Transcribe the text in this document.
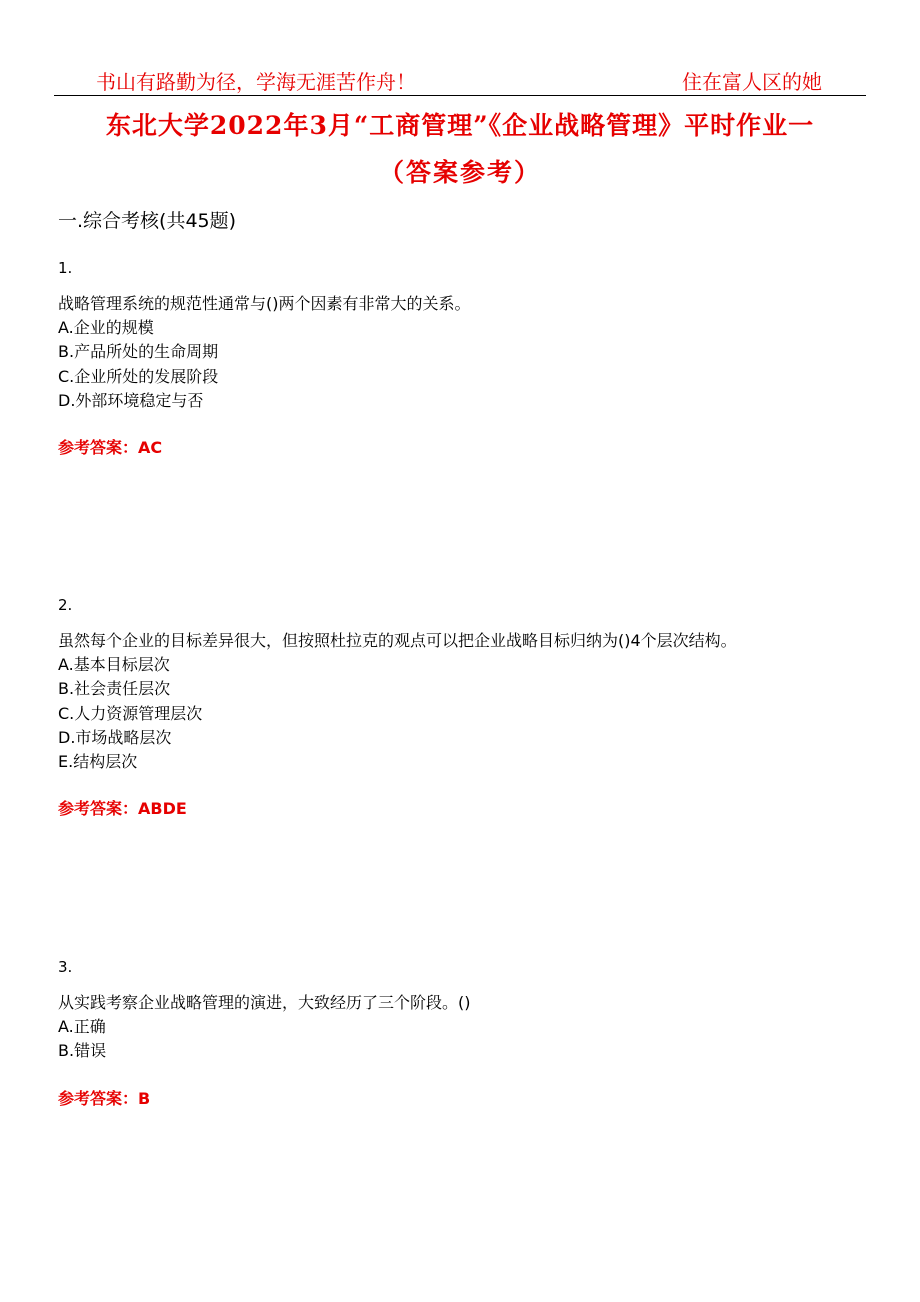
书山有路勤为径，学海无涯苦作舟！	住在富人区的她
东北大学2022年3月“工商管理”《企业战略管理》平时作业一
（答案参考）
一.综合考核(共45题)
1.
战略管理系统的规范性通常与()两个因素有非常大的关系。
A.企业的规模
B.产品所处的生命周期
C.企业所处的发展阶段
D.外部环境稳定与否
参考答案：AC
2.
虽然每个企业的目标差异很大，但按照杜拉克的观点可以把企业战略目标归纳为()4个层次结构。
A.基本目标层次
B.社会责任层次
C.人力资源管理层次
D.市场战略层次
E.结构层次
参考答案：ABDE
3.
从实践考察企业战略管理的演进，大致经历了三个阶段。()
A.正确
B.错误
参考答案：B
